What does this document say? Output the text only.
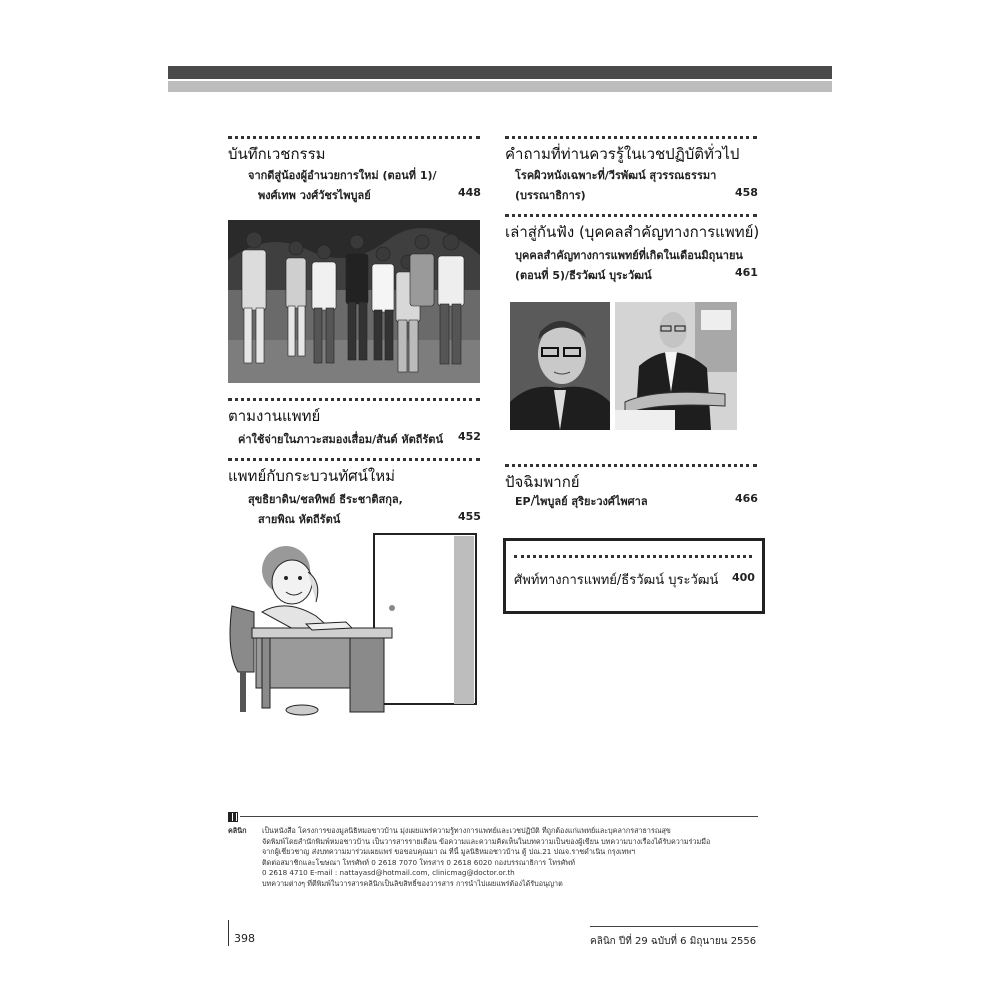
บันทึกเวชกรรม
จากดีสู่น้องผู้อำนวยการใหม่ (ตอนที่ 1)/
พงศ์เทพ วงศ์วัชรไพบูลย์	448
ตามงานแพทย์
ค่าใช้จ่ายในภาวะสมองเสื่อม/สันต์ หัตถีรัตน์ 452
แพทย์กับกระบวนทัศน์ใหม่
สุขธิยาดิน/ชลทิพย์ ธีระชาติสกุล,
สายพิณ หัตถีรัตน์	455
คำถามที่ท่านควรรู้ในเวชปฏิบัติทั่วไป
โรคผิวหนังเฉพาะที่/วีรพัฒน์ สุวรรณธรรมา
(บรรณาธิการ)	458
เล่าสู่กันฟัง (บุคคลสำคัญทางการแพทย์)
บุคคลสำคัญทางการแพทย์ที่เกิดในเดือนมิถุนายน
(ตอนที่ 5)/ธีรวัฒน์ บุระวัฒน์	461
ปัจฉิมพากย์
EP/ไพบูลย์ สุริยะวงศ์ไพศาล	466
ศัพท์ทางการแพทย์/ธีรวัฒน์ บุระวัฒน์ 400
คลินิก	เป็นหนังสือ โครงการของมูลนิธิหมอชาวบ้าน มุ่งเผยแพร่ความรู้ทางการแพทย์และเวชปฏิบัติ ที่ถูกต้องแก่แพทย์และบุคลากรสาธารณสุข
จัดพิมพ์โดยสำนักพิมพ์หมอชาวบ้าน เป็นวารสารรายเดือน ข้อความและความคิดเห็นในบทความเป็นของผู้เขียน บทความบางเรื่องได้รับความร่วมมือ
จากผู้เชี่ยวชาญ ส่งบทความมาร่วมเผยแพร่ ขอขอบคุณมา ณ ที่นี้ มูลนิธิหมอชาวบ้าน ตู้ ปณ.21 ปณจ.ราชดำเนิน กรุงเทพฯ
ติดต่อสมาชิกและโฆษณา โทรศัพท์ 0 2618 7070 โทรสาร 0 2618 6020 กองบรรณาธิการ โทรศัพท์
0 2618 4710 E-mail : nattayasd@hotmail.com, clinicmag@doctor.or.th
บทความต่างๆ ที่ตีพิมพ์ในวารสารคลินิกเป็นลิขสิทธิ์ของวารสาร การนำไปเผยแพร่ต้องได้รับอนุญาต
398	คลินิก ปีที่ 29 ฉบับที่ 6 มิถุนายน 2556
